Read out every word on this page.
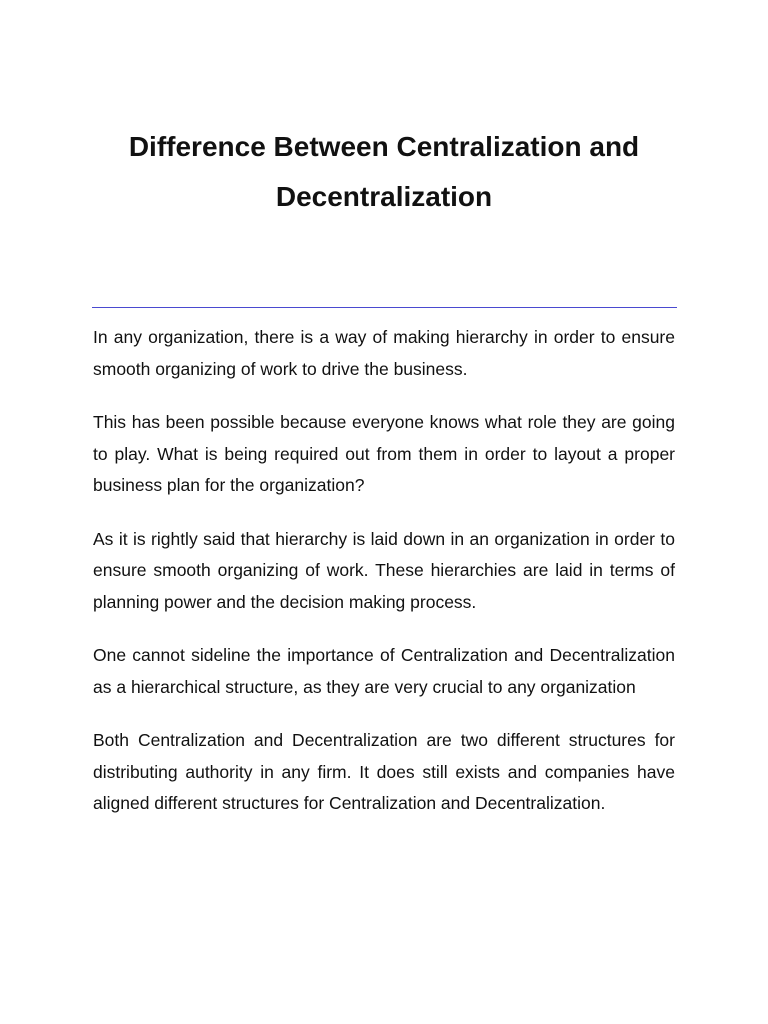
Difference Between Centralization and Decentralization

In any organization, there is a way of making hierarchy in order to ensure smooth organizing of work to drive the business.

This has been possible because everyone knows what role they are going to play. What is being required out from them in order to layout a proper business plan for the organization?

As it is rightly said that hierarchy is laid down in an organization in order to ensure smooth organizing of work. These hierarchies are laid in terms of planning power and the decision making process.

One cannot sideline the importance of Centralization and Decentralization as a hierarchical structure, as they are very crucial to any organization

Both Centralization and Decentralization are two different structures for distributing authority in any firm. It does still exists and companies have aligned different structures for Centralization and Decentralization.
